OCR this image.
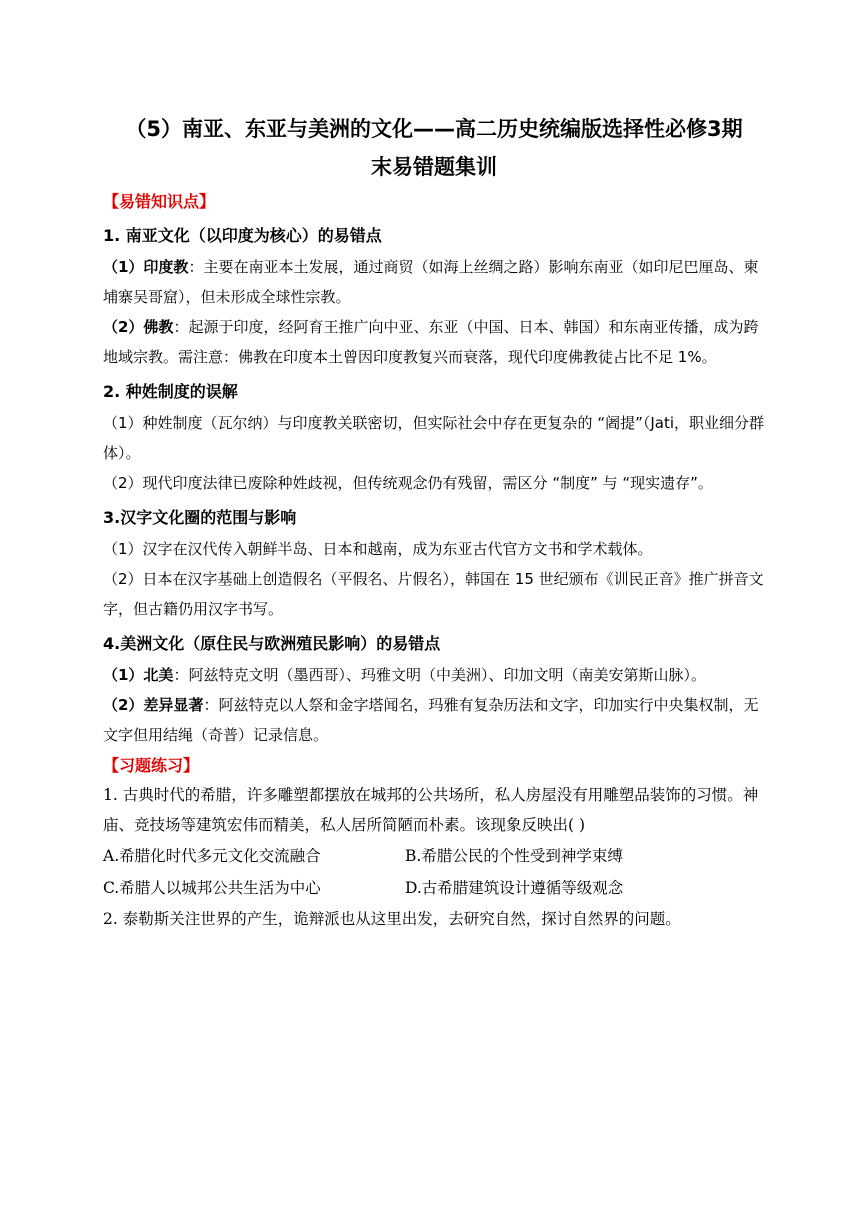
（5）南亚、东亚与美洲的文化——高二历史统编版选择性必修3期
末易错题集训
【易错知识点】
1. 南亚文化（以印度为核心）的易错点

（1）印度教：主要在南亚本土发展，通过商贸（如海上丝绸之路）影响东南亚（如印尼巴厘岛、柬埔寨吴哥窟），但未形成全球性宗教。

（2）佛教：起源于印度，经阿育王推广向中亚、东亚（中国、日本、韩国）和东南亚传播，成为跨地域宗教。需注意：佛教在印度本土曾因印度教复兴而衰落，现代印度佛教徒占比不足 1%。

2. 种姓制度的误解

（1）种姓制度（瓦尔纳）与印度教关联密切，但实际社会中存在更复杂的 “阇提”（Jati，职业细分群体）。

（2）现代印度法律已废除种姓歧视，但传统观念仍有残留，需区分 “制度” 与 “现实遗存”。

3.汉字文化圈的范围与影响

（1）汉字在汉代传入朝鲜半岛、日本和越南，成为东亚古代官方文书和学术载体。

（2）日本在汉字基础上创造假名（平假名、片假名），韩国在 15 世纪颁布《训民正音》推广拼音文字，但古籍仍用汉字书写。

4.美洲文化（原住民与欧洲殖民影响）的易错点

（1）北美：阿兹特克文明（墨西哥）、玛雅文明（中美洲）、印加文明（南美安第斯山脉）。

（2）差异显著：阿兹特克以人祭和金字塔闻名，玛雅有复杂历法和文字，印加实行中央集权制，无文字但用结绳（奇普）记录信息。

【习题练习】

1. 古典时代的希腊，许多雕塑都摆放在城邦的公共场所，私人房屋没有用雕塑品装饰的习惯。神庙、竞技场等建筑宏伟而精美，私人居所简陋而朴素。该现象反映出( )

A.希腊化时代多元文化交流融合	B.希腊公民的个性受到神学束缚
C.希腊人以城邦公共生活为中心	D.古希腊建筑设计遵循等级观念

2. 泰勒斯关注世界的产生，诡辩派也从这里出发，去研究自然，探讨自然界的问题。
